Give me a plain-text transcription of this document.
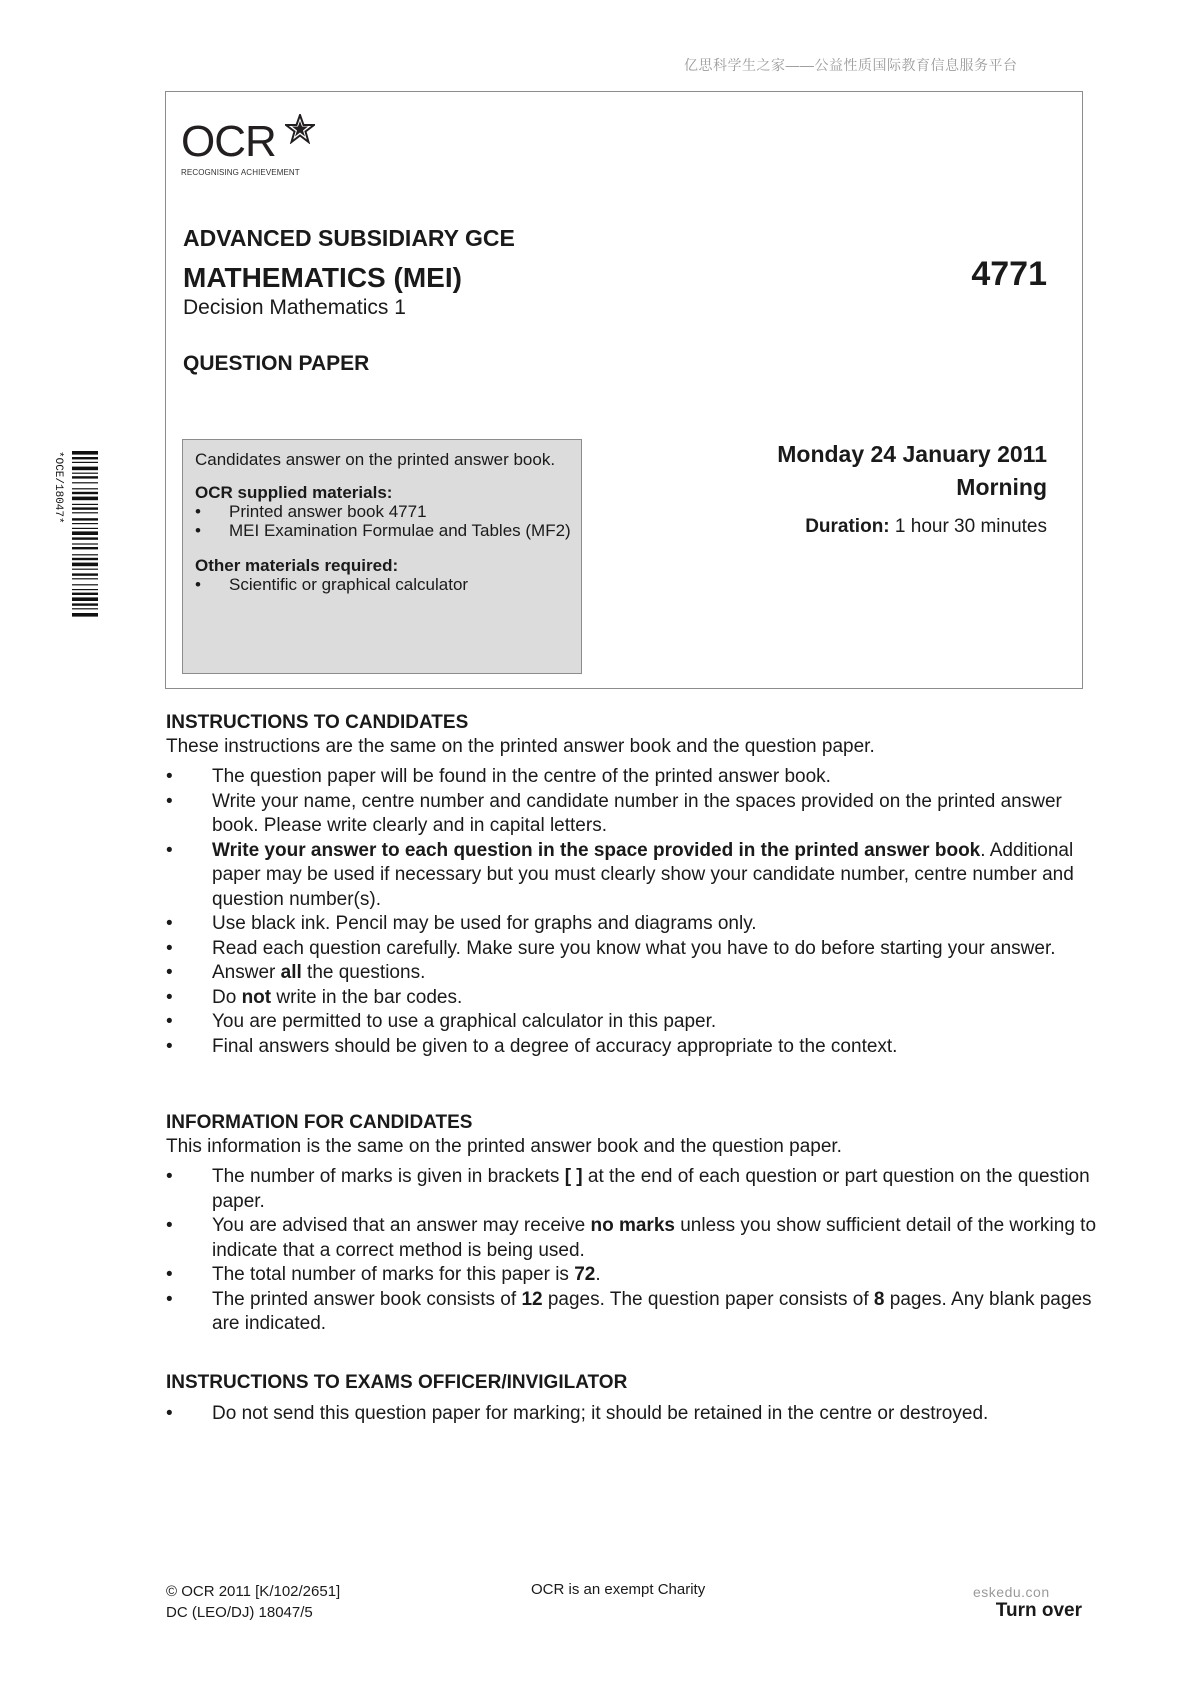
亿思科学生之家——公益性质国际教育信息服务平台
OCR
RECOGNISING ACHIEVEMENT
ADVANCED SUBSIDIARY GCE
MATHEMATICS (MEI)	4771
Decision Mathematics 1
QUESTION PAPER
Candidates answer on the printed answer book.
OCR supplied materials:
•	Printed answer book 4771
•	MEI Examination Formulae and Tables (MF2)
Other materials required:
•	Scientific or graphical calculator
Monday 24 January 2011
Morning
Duration: 1 hour 30 minutes
*OCE/18047*
INSTRUCTIONS TO CANDIDATES
These instructions are the same on the printed answer book and the question paper.
•	The question paper will be found in the centre of the printed answer book.
•	Write your name, centre number and candidate number in the spaces provided on the printed answer book. Please write clearly and in capital letters.
•	Write your answer to each question in the space provided in the printed answer book. Additional paper may be used if necessary but you must clearly show your candidate number, centre number and question number(s).
•	Use black ink. Pencil may be used for graphs and diagrams only.
•	Read each question carefully. Make sure you know what you have to do before starting your answer.
•	Answer all the questions.
•	Do not write in the bar codes.
•	You are permitted to use a graphical calculator in this paper.
•	Final answers should be given to a degree of accuracy appropriate to the context.
INFORMATION FOR CANDIDATES
This information is the same on the printed answer book and the question paper.
•	The number of marks is given in brackets [ ] at the end of each question or part question on the question paper.
•	You are advised that an answer may receive no marks unless you show sufficient detail of the working to indicate that a correct method is being used.
•	The total number of marks for this paper is 72.
•	The printed answer book consists of 12 pages. The question paper consists of 8 pages. Any blank pages are indicated.
INSTRUCTIONS TO EXAMS OFFICER/INVIGILATOR
•	Do not send this question paper for marking; it should be retained in the centre or destroyed.
© OCR 2011 [K/102/2651]
DC (LEO/DJ) 18047/5
OCR is an exempt Charity	eskedu.con
Turn over
